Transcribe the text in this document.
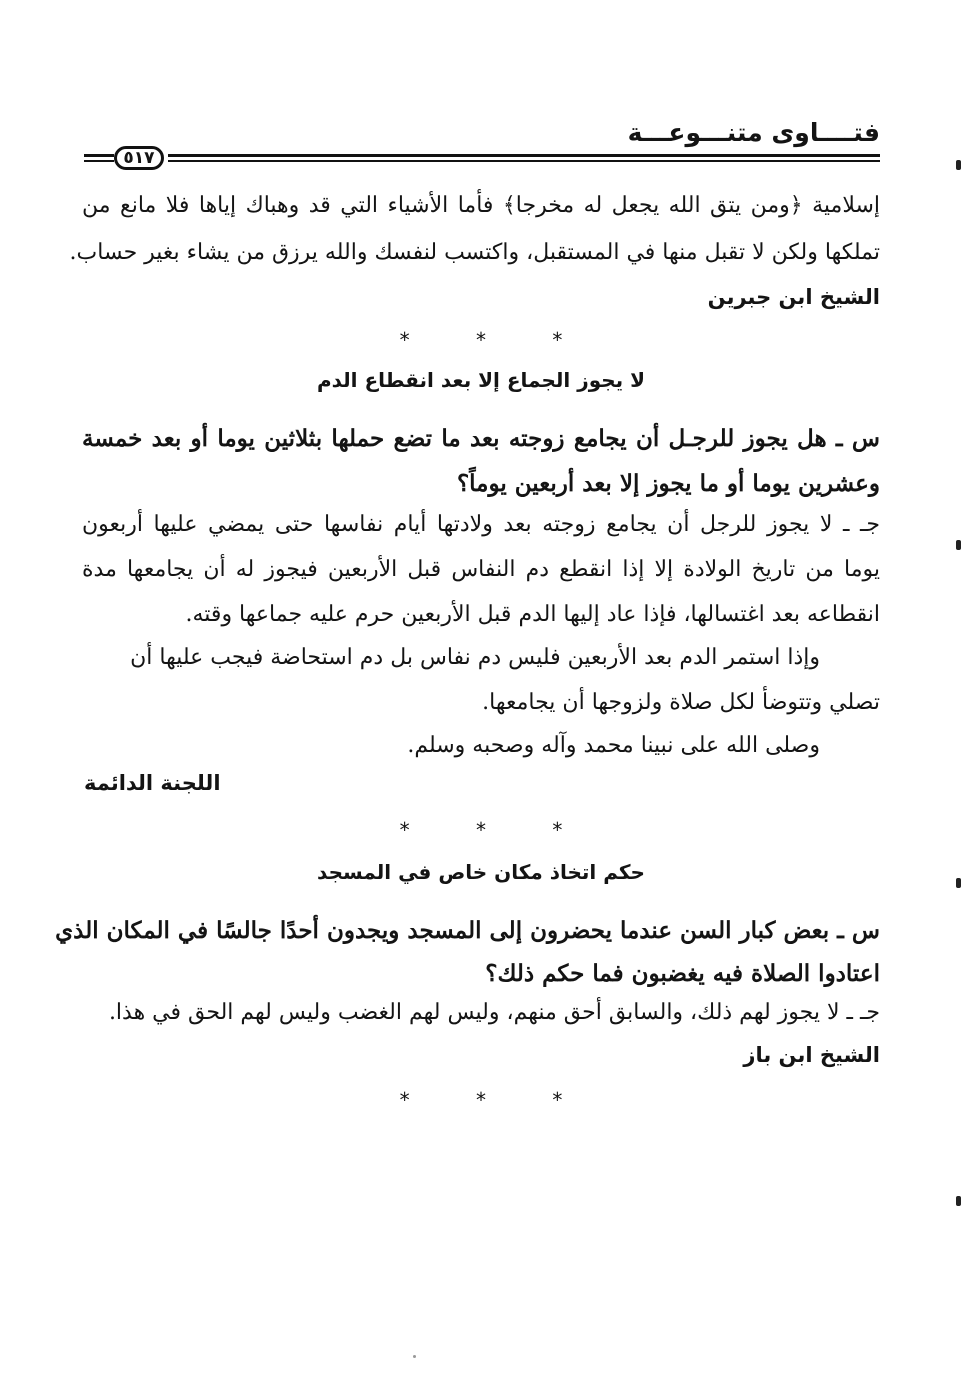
فتــــاوى متنـــوعـــة
٥١٧
إسلامية ﴿ومن يتق الله يجعل له مخرجا﴾ فأما الأشياء التي قد وهباك إياها فلا مانع من
تملكها ولكن لا تقبل منها في المستقبل، واكتسب لنفسك والله يرزق من يشاء بغير حساب.
الشيخ ابن جبرين
* * *
لا يجوز الجماع إلا بعد انقطاع الدم
س ـ هل يجوز للرجـل أن يجامع زوجته بعد ما تضع حملها بثلاثين يوما أو بعد خمسة
وعشرين يوما أو ما يجوز إلا بعد أربعين يوماً؟
جـ ـ لا يجوز للرجل أن يجامع زوجته بعد ولادتها أيام نفاسها حتى يمضي عليها أربعون
يوما من تاريخ الولادة إلا إذا انقطع دم النفاس قبل الأربعين فيجوز له أن يجامعها مدة
انقطاعه بعد اغتسالها، فإذا عاد إليها الدم قبل الأربعين حرم عليه جماعها وقته.
وإذا استمر الدم بعد الأربعين فليس دم نفاس بل دم استحاضة فيجب عليها أن
تصلي وتتوضأ لكل صلاة ولزوجها أن يجامعها.
وصلى الله على نبينا محمد وآله وصحبه وسلم.
اللجنة الدائمة
* * *
حكم اتخاذ مكان خاص في المسجد
س ـ بعض كبار السن عندما يحضرون إلى المسجد ويجدون أحدًا جالسًا في المكان الذي
اعتادوا الصلاة فيه يغضبون فما حكم ذلك؟
جـ ـ لا يجوز لهم ذلك، والسابق أحق منهم، وليس لهم الغضب وليس لهم الحق في هذا.
الشيخ ابن باز
* * *
